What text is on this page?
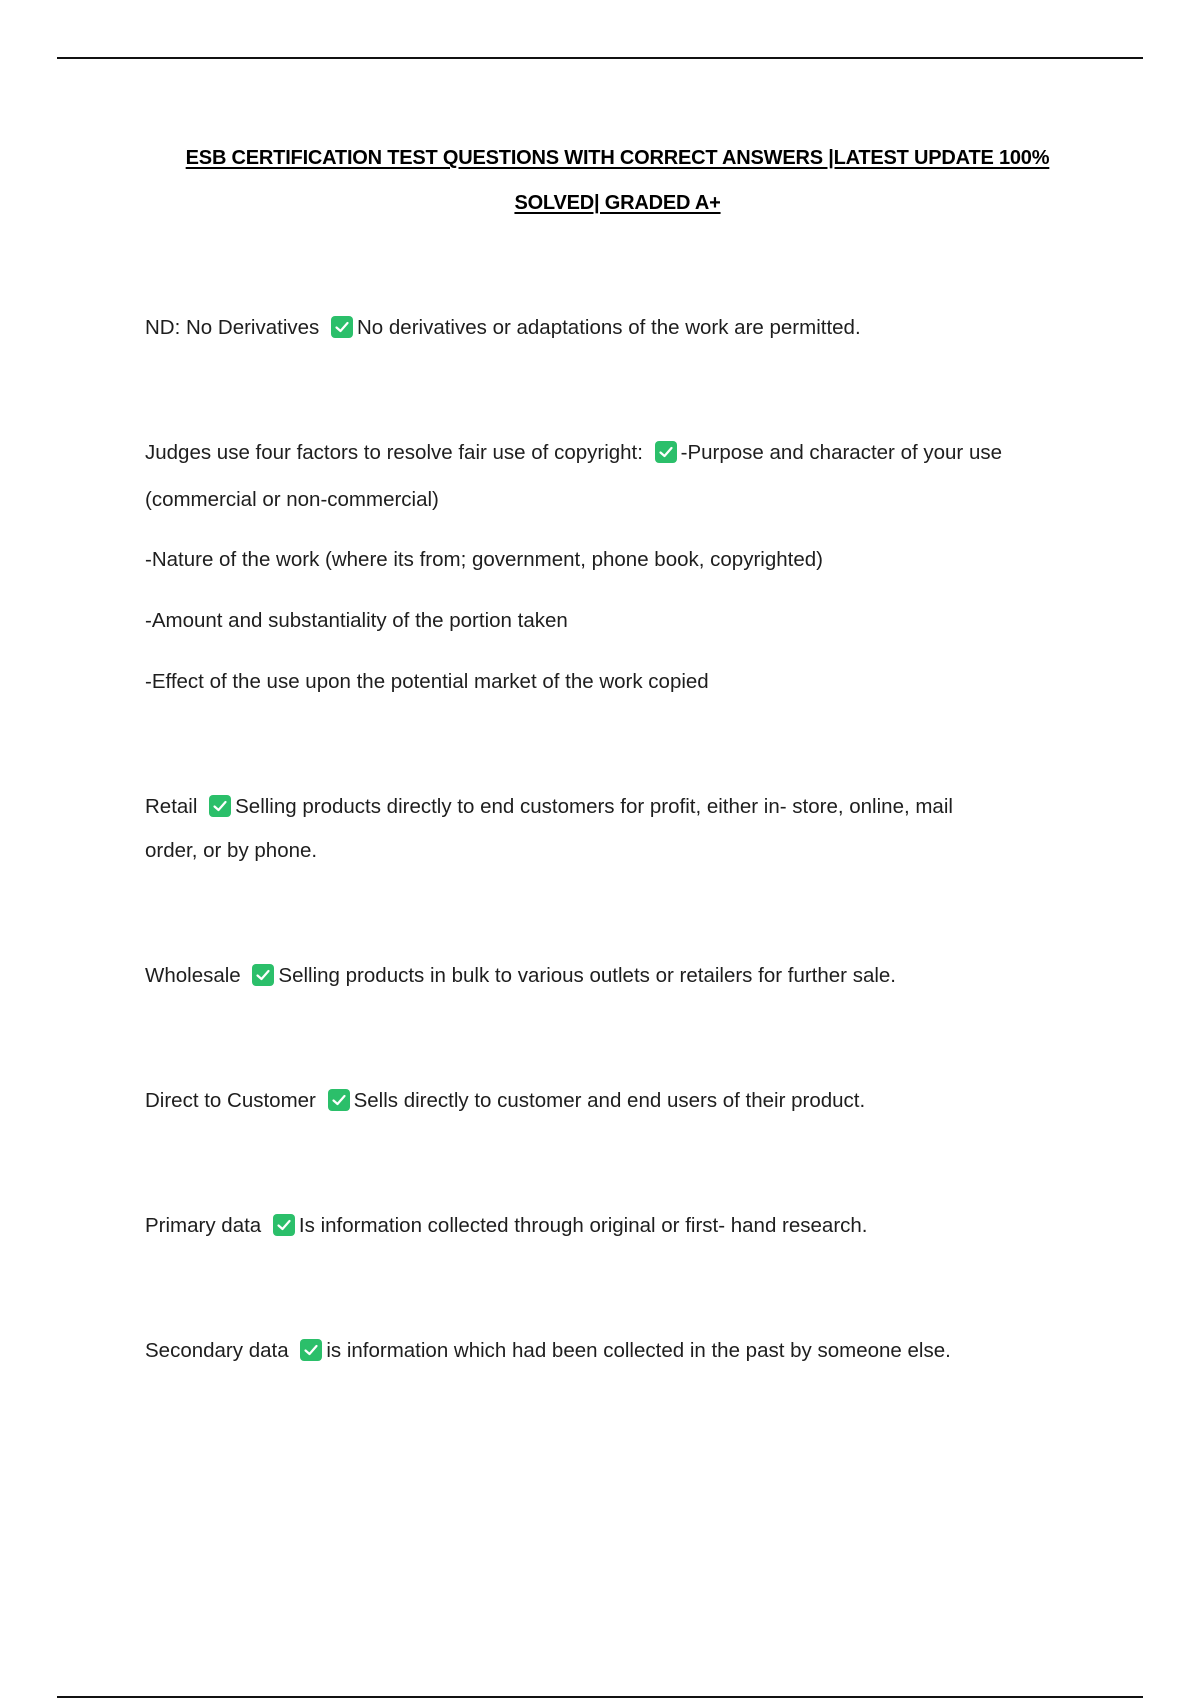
ESB CERTIFICATION TEST QUESTIONS WITH CORRECT ANSWERS |LATEST UPDATE 100%
SOLVED| GRADED A+
ND: No Derivatives No derivatives or adaptations of the work are permitted.
Judges use four factors to resolve fair use of copyright: -Purpose and character of your use
(commercial or non-commercial)
-Nature of the work (where its from; government, phone book, copyrighted)
-Amount and substantiality of the portion taken
-Effect of the use upon the potential market of the work copied
Retail Selling products directly to end customers for profit, either in- store, online, mail
order, or by phone.
Wholesale Selling products in bulk to various outlets or retailers for further sale.
Direct to Customer Sells directly to customer and end users of their product.
Primary data Is information collected through original or first- hand research.
Secondary data is information which had been collected in the past by someone else.
